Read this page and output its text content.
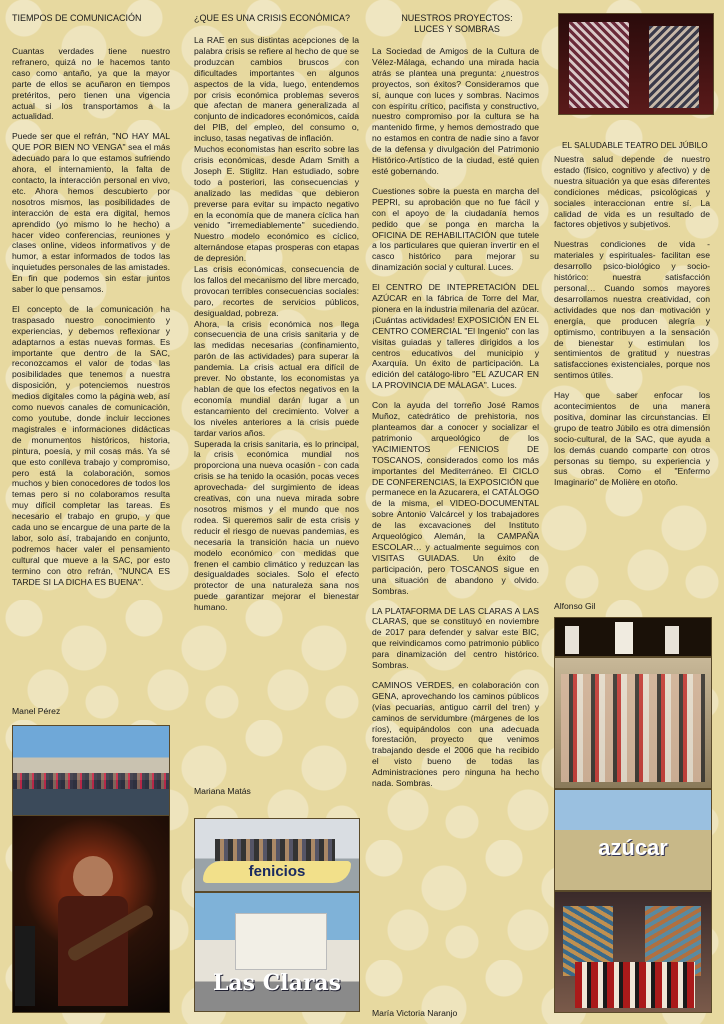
TIEMPOS DE COMUNICACIÓN

Cuantas verdades tiene nuestro refranero, quizá no le hacemos tanto caso como antaño, ya que la mayor parte de ellos se acuñaron en tiempos pretéritos, pero tienen una vigencia actual si los transportamos a la actualidad.

Puede ser que el refrán, "NO HAY MAL QUE POR BIEN NO VENGA" sea el más adecuado para lo que estamos sufriendo ahora, el internamiento, la falta de contacto, la interacción personal en vivo, etc. Ahora hemos descubierto por nosotros mismos, las posibilidades de interacción de esta era digital, hemos aprendido (yo mismo lo he hecho) a hacer video conferencias, reuniones y clases online, videos informativos y de humor, a estar informados de todos las inquietudes personales de las amistades. En fin que podemos sin estar juntos saber lo que pensamos.

El concepto de la comunicación ha traspasado nuestro conocimiento y experiencias, y debemos reflexionar y adaptarnos a estas nuevas formas. Es importante que dentro de la SAC, reconozcamos el valor de todas las posibilidades que tenemos a nuestra disposición, y potenciemos nuestros medios digitales como la página web, así como nuevos canales de comunicación, como youtube, donde incluir lecciones magistrales e informaciones didácticas de monumentos históricos, historia, pintura, poesía, y mil cosas más. Ya sé que esto conlleva trabajo y compromiso, pero está la colaboración, somos muchos y bien conocedores de todos los temas pero si no colaboramos resulta muy difícil completar las tareas. Es necesario el trabajo en grupo, y que cada uno se encargue de una parte de la labor, solo así, trabajando en conjunto, podremos hacer valer el pensamiento cultural que mueve a la SAC, por esto termino con otro refrán, "NUNCA ES TARDE SI LA DICHA ES BUENA".

Manel Pérez
¿QUE ES UNA CRISIS ECONÓMICA?

La RAE en sus distintas acepciones de la palabra crisis se refiere al hecho de que se produzcan cambios bruscos con dificultades importantes en algunos aspectos de la vida, luego, entendemos por crisis económica problemas severos que afectan de manera generalizada al conjunto de indicadores económicos, caída del PIB, del empleo, del consumo o, incluso, tasas negativas de inflación.

Muchos economistas han escrito sobre las crisis económicas, desde Adam Smith a Joseph E. Stiglitz. Han estudiado, sobre todo a posteriori, las consecuencias y analizado las medidas que debieron preverse para evitar su impacto negativo en la economía que de manera cíclica han venido "irremediablemente" sucediendo. Nuestro modelo económico es cíclico, alternándose etapas prosperas con etapas de depresión.

Las crisis económicas, consecuencia de los fallos del mecanismo del libre mercado, provocan terribles consecuencias sociales: paro, recortes de servicios públicos, desigualdad, pobreza.

Ahora, la crisis económica nos llega consecuencia de una crisis sanitaria y de las medidas necesarias (confinamiento, parón de las actividades) para superar la pandemia. La crisis actual era difícil de prever. No obstante, los economistas ya hablan de que los efectos negativos en la economía mundial darán lugar a un estancamiento del crecimiento. Volver a los niveles anteriores a la crisis puede tardar varios años.

Superada la crisis sanitaria, es lo principal, la crisis económica mundial nos proporciona una nueva ocasión - con cada crisis se ha tenido la ocasión, pocas veces aprovechada- del surgimiento de ideas creativas, con una nueva mirada sobre nosotros mismos y el mundo que nos rodea. Si queremos salir de esta crisis y reducir el riesgo de nuevas pandemias, es necesaria la transición hacia un nuevo modelo económico con medidas que frenen el cambio climático y reduzcan las desigualdades sociales. Solo el efecto protector de una naturaleza sana nos puede garantizar mejorar el bienestar humano.

Mariana Matás
fenicios
Las Claras
NUESTROS PROYECTOS:
LUCES Y SOMBRAS

La Sociedad de Amigos de la Cultura de Vélez-Málaga, echando una mirada hacia atrás se plantea una pregunta: ¿nuestros proyectos, son éxitos? Consideramos que sí, aunque con luces y sombras. Nacimos con espíritu crítico, pacifista y constructivo, nuestro compromiso por la cultura se ha mantenido firme, y hemos demostrado que no estamos en contra de nadie sino a favor de la defensa y divulgación del Patrimonio Histórico-Artístico de la ciudad, esté quien esté gobernando.

Cuestiones sobre la puesta en marcha del PEPRI, su aprobación que no fue fácil y con el apoyo de la ciudadanía hemos pedido que se ponga en marcha la OFICINA DE REHABILITACIÓN que tutele a los particulares que quieran invertir en el casco histórico para mejorar su dinamización social y cultural. Luces.

El CENTRO DE INTEPRETACIÓN DEL AZÚCAR en la fábrica de Torre del Mar, pionera en la industria milenaria del azúcar. ¡Cuántas actividades! EXPOSICIÓN EN EL CENTRO COMERCIAL "El Ingenio" con las visitas guiadas y talleres dirigidos a los centros educativos del municipio y Axarquía. Un éxito de participación. La edición del catálogo-libro "EL AZUCAR EN LA PROVINCIA DE MÁLAGA". Luces.

Con la ayuda del torreño José Ramos Muñoz, catedrático de prehistoria, nos planteamos dar a conocer y socializar el patrimonio arqueológico de los YACIMIENTOS FENICIOS DE TOSCANOS, considerados como los más importantes del Mediterráneo. El CICLO DE CONFERENCIAS, la EXPOSICIÓN que permanece en la Azucarera, el CATÁLOGO de la misma, el VIDEO-DOCUMENTAL sobre Antonio Valcárcel y los trabajadores de las excavaciones del Instituto Arqueológico Alemán, la CAMPAÑA ESCOLAR… y actualmente seguimos con VISITAS GUIADAS. Un éxito de participación, pero TOSCANOS sigue en una situación de abandono y olvido. Sombras.

LA PLATAFORMA DE LAS CLARAS A LAS CLARAS, que se constituyó en noviembre de 2017 para defender y salvar este BIC, que reivindicamos como patrimonio público para dinamización del centro histórico. Sombras.

CAMINOS VERDES, en colaboración con GENA, aprovechando los caminos públicos (vías pecuarias, antiguo carril del tren) y caminos de servidumbre (márgenes de los ríos), equipándolos con una adecuada forestación, proyecto que venimos trabajando desde el 2006 que ha recibido el visto bueno de todas las Administraciones pero ninguna ha hecho nada. Sombras.

María Victoria Naranjo
EL SALUDABLE TEATRO DEL JÚBILO

Nuestra salud depende de nuestro estado (físico, cognitivo y afectivo) y de nuestra situación ya que esas diferentes condiciones médicas, psicológicas y sociales interaccionan entre sí. La calidad de vida es un resultado de factores objetivos y subjetivos.

Nuestras condiciones de vida -materiales y espirituales- facilitan ese desarrollo psico-biológico y socio-histórico: nuestra satisfacción personal… Cuando somos mayores desarrollamos nuestra creatividad, con actividades que nos dan motivación y energía, que producen alegría y optimismo, contribuyen a la sensación de bienestar y estimulan los sentimientos de gratitud y nuestras satisfacciones existenciales, porque nos sentimos útiles.

Hay que saber enfocar los acontecimientos de una manera positiva, dominar las circunstancias. El grupo de teatro Júbilo es otra dimensión socio-cultural, de la SAC, que ayuda a los demás cuando comparte con otros personas su tiempo, su experiencia y sus obras. Como el "Enfermo Imaginario" de Molière en otoño.

Alfonso Gil
azúcar
